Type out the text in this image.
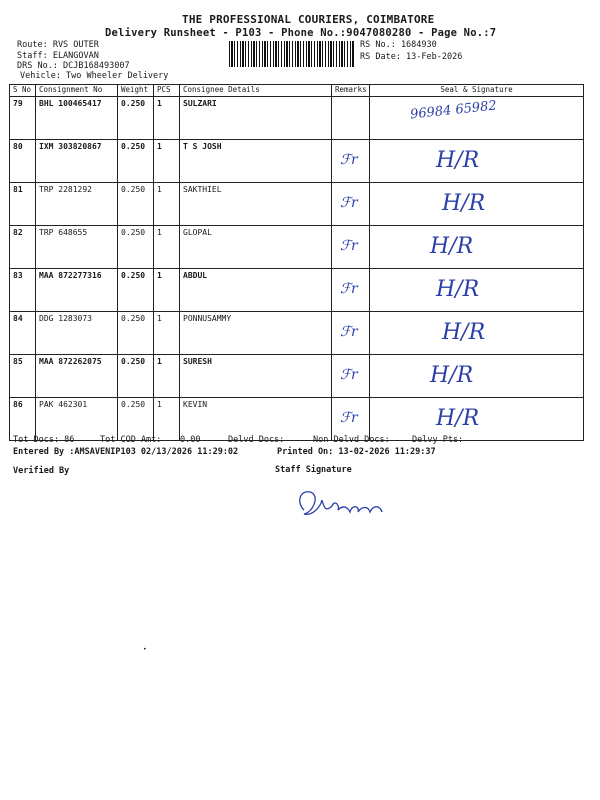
THE PROFESSIONAL COURIERS, COIMBATORE
Delivery Runsheet - P103 - Phone No.:9047080280 - Page No.:7
Route: RVS OUTER
Staff: ELANGOVAN
DRS No.: DCJB168493007
Vehicle: Two Wheeler Delivery
RS No.: 1684930
RS Date: 13-Feb-2026
S No	Consignment No	Weight	PCS	Consignee Details	Remarks	Seal & Signature
79	BHL 100465417	0.250	1	SULZARI		96984 65982

80	IXM 303820867	0.250	1	T S JOSH	ℱr	H/R

81	TRP 2281292	0.250	1	SAKTHIEL	ℱr	H/R

82	TRP 648655	0.250	1	GLOPAL	ℱr	H/R

83	MAA 872277316	0.250	1	ABDUL	ℱr	H/R

84	DDG 1283073	0.250	1	PONNUSAMMY	ℱr	H/R

85	MAA 872262075	0.250	1	SURESH	ℱr	H/R

86	PAK 462301	0.250	1	KEVIN	ℱr	H/R
Tot Docs: 86	Tot COD Amt: 0.00	Delvd Docs:	Non Delvd Docs:	Delvy Pts:
Entered By :AMSAVENIP103 02/13/2026 11:29:02	Printed On: 13-02-2026 11:29:37
Verified By	Staff Signature
•
